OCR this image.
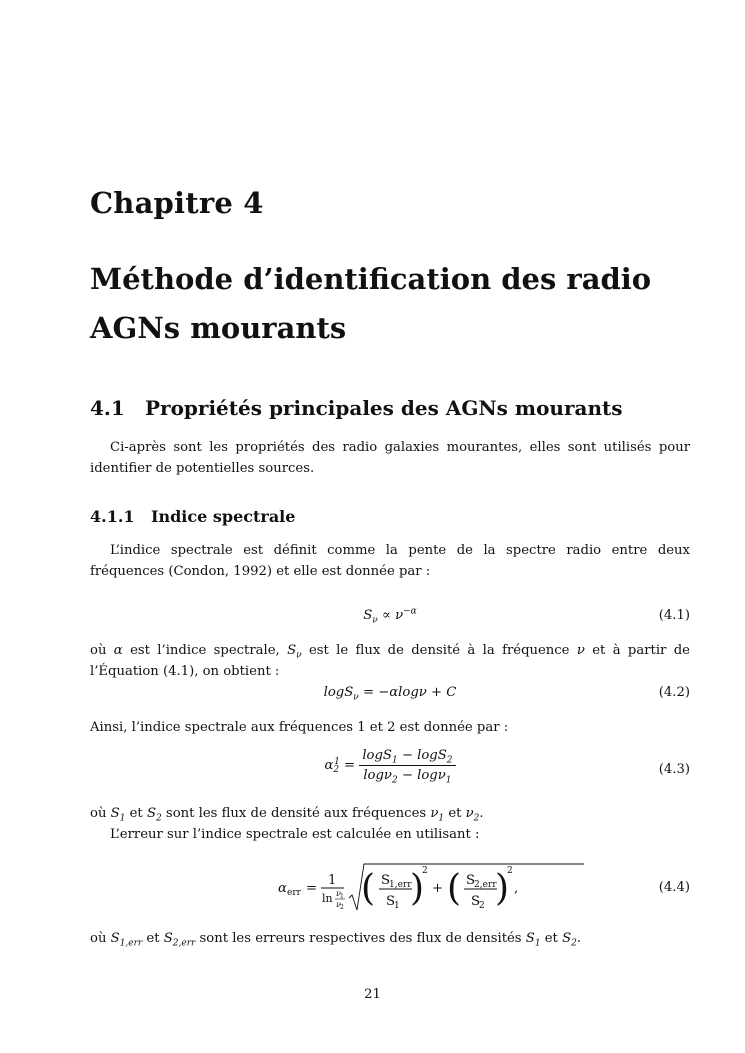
Chapitre 4
Méthode d’identification des radio
AGNs mourants
4.1 Propriétés principales des AGNs mourants
Ci-après sont les propriétés des radio galaxies mourantes, elles sont utilisés pour identifier de potentielles sources.
4.1.1 Indice spectrale
L’indice spectrale est définit comme la pente de la spectre radio entre deux fréquences (Condon, 1992) et elle est donnée par :
$S_\nu \propto \nu^{-\alpha}$	(4.1)
où α est l’indice spectrale, $S_\nu$ est le flux de densité à la fréquence ν et à partir de l’Équation (4.1), on obtient :
logS$_\nu$ = −αlogν + C	(4.2)
Ainsi, l’indice spectrale aux fréquences 1 et 2 est donnée par :
$\alpha_2^1 = \frac{\log S_1 - \log S_2}{\log\nu_2 - \log\nu_1}$	(4.3)
où $S_1$ et $S_2$ sont les flux de densité aux fréquences $\nu_1$ et $\nu_2$.
L’erreur sur l’indice spectrale est calculée en utilisant :
α err =
1
ln ν 1
ν 2 ( S
1,err
S
1 )
2
+ ( S
2,err
S
2 )
2
,	(4.4)
où $S_{1,err}$ et $S_{2,err}$ sont les erreurs respectives des flux de densités $S_1$ et $S_2$.
21
